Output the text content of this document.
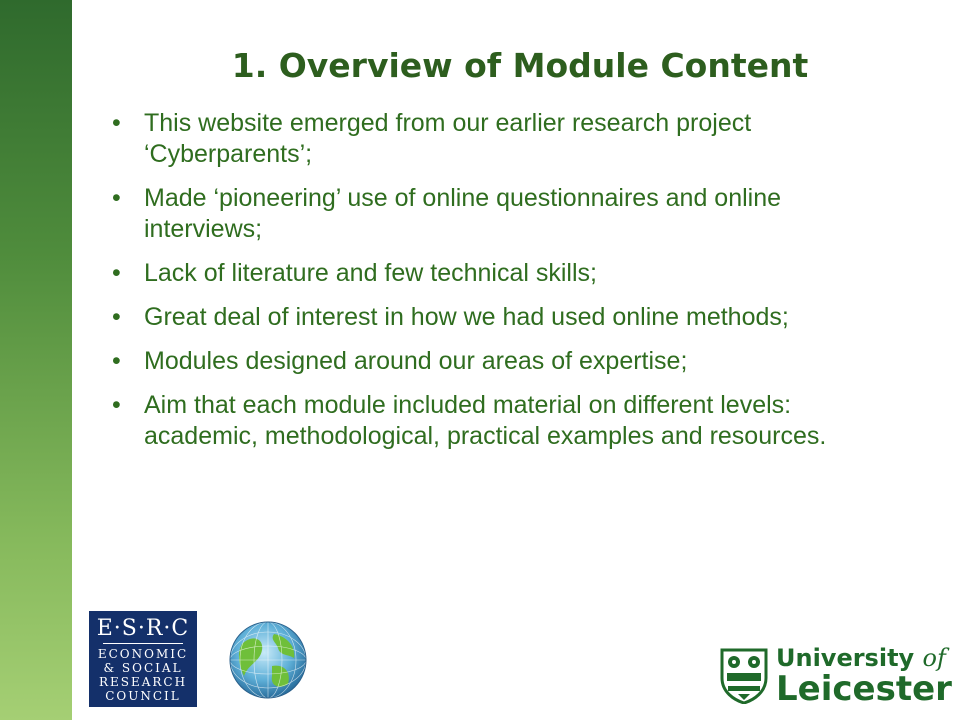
1. Overview of Module Content
• This website emerged from our earlier research project ‘Cyberparents’;
• Made ‘pioneering’ use of online questionnaires and online interviews;
• Lack of literature and few technical skills;
• Great deal of interest in how we had used online methods;
• Modules designed around our areas of expertise;
• Aim that each module included material on different levels: academic, methodological, practical examples and resources.
E·S·R·C
ECONOMIC
& SOCIAL
RESEARCH
COUNCIL
University of
Leicester
